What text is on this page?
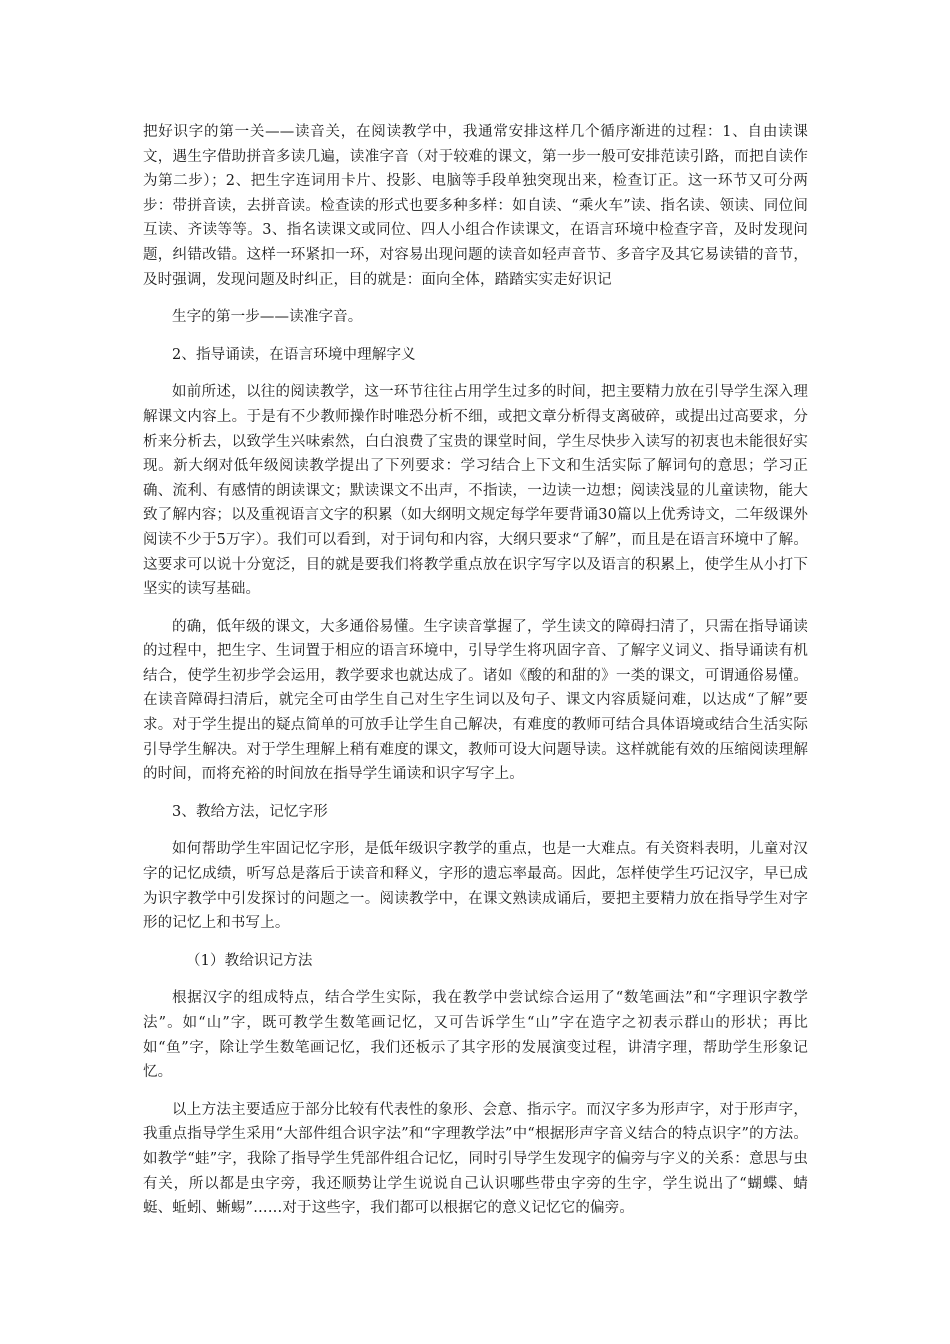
把好识字的第一关——读音关，在阅读教学中，我通常安排这样几个循序渐进的过程：1、自由读课文，遇生字借助拼音多读几遍，读准字音（对于较难的课文，第一步一般可安排范读引路，而把自读作为第二步）；2、把生字连词用卡片、投影、电脑等手段单独突现出来，检查订正。这一环节又可分两步：带拼音读，去拼音读。检查读的形式也要多种多样：如自读、“乘火车”读、指名读、领读、同位间互读、齐读等等。3、指名读课文或同位、四人小组合作读课文，在语言环境中检查字音，及时发现问题，纠错改错。这样一环紧扣一环，对容易出现问题的读音如轻声音节、多音字及其它易读错的音节，及时强调，发现问题及时纠正，目的就是：面向全体，踏踏实实走好识记

生字的第一步——读准字音。

2、指导诵读，在语言环境中理解字义

如前所述，以往的阅读教学，这一环节往往占用学生过多的时间，把主要精力放在引导学生深入理解课文内容上。于是有不少教师操作时唯恐分析不细，或把文章分析得支离破碎，或提出过高要求，分析来分析去，以致学生兴味索然，白白浪费了宝贵的课堂时间，学生尽快步入读写的初衷也未能很好实现。新大纲对低年级阅读教学提出了下列要求：学习结合上下文和生活实际了解词句的意思；学习正确、流利、有感情的朗读课文；默读课文不出声，不指读，一边读一边想；阅读浅显的儿童读物，能大致了解内容；以及重视语言文字的积累（如大纲明文规定每学年要背诵30篇以上优秀诗文，二年级课外阅读不少于5万字）。我们可以看到，对于词句和内容，大纲只要求“了解”，而且是在语言环境中了解。这要求可以说十分宽泛，目的就是要我们将教学重点放在识字写字以及语言的积累上，使学生从小打下坚实的读写基础。

的确，低年级的课文，大多通俗易懂。生字读音掌握了，学生读文的障碍扫清了，只需在指导诵读的过程中，把生字、生词置于相应的语言环境中，引导学生将巩固字音、了解字义词义、指导诵读有机结合，使学生初步学会运用，教学要求也就达成了。诸如《酸的和甜的》一类的课文，可谓通俗易懂。在读音障碍扫清后，就完全可由学生自己对生字生词以及句子、课文内容质疑问难，以达成“了解”要求。对于学生提出的疑点简单的可放手让学生自己解决，有难度的教师可结合具体语境或结合生活实际引导学生解决。对于学生理解上稍有难度的课文，教师可设大问题导读。这样就能有效的压缩阅读理解的时间，而将充裕的时间放在指导学生诵读和识字写字上。

3、教给方法，记忆字形

如何帮助学生牢固记忆字形，是低年级识字教学的重点，也是一大难点。有关资料表明，儿童对汉字的记忆成绩，听写总是落后于读音和释义，字形的遗忘率最高。因此，怎样使学生巧记汉字，早已成为识字教学中引发探讨的问题之一。阅读教学中，在课文熟读成诵后，要把主要精力放在指导学生对字形的记忆上和书写上。

（1）教给识记方法

根据汉字的组成特点，结合学生实际，我在教学中尝试综合运用了“数笔画法”和“字理识字教学法”。如“山”字，既可教学生数笔画记忆，又可告诉学生“山”字在造字之初表示群山的形状；再比如“鱼”字，除让学生数笔画记忆，我们还板示了其字形的发展演变过程，讲清字理，帮助学生形象记忆。

以上方法主要适应于部分比较有代表性的象形、会意、指示字。而汉字多为形声字，对于形声字，我重点指导学生采用“大部件组合识字法”和“字理教学法”中“根据形声字音义结合的特点识字”的方法。如教学“蛙”字，我除了指导学生凭部件组合记忆，同时引导学生发现字的偏旁与字义的关系：意思与虫有关，所以都是虫字旁，我还顺势让学生说说自己认识哪些带虫字旁的生字，学生说出了“蝴蝶、蜻蜓、蚯蚓、蜥蜴”……对于这些字，我们都可以根据它的意义记忆它的偏旁。
